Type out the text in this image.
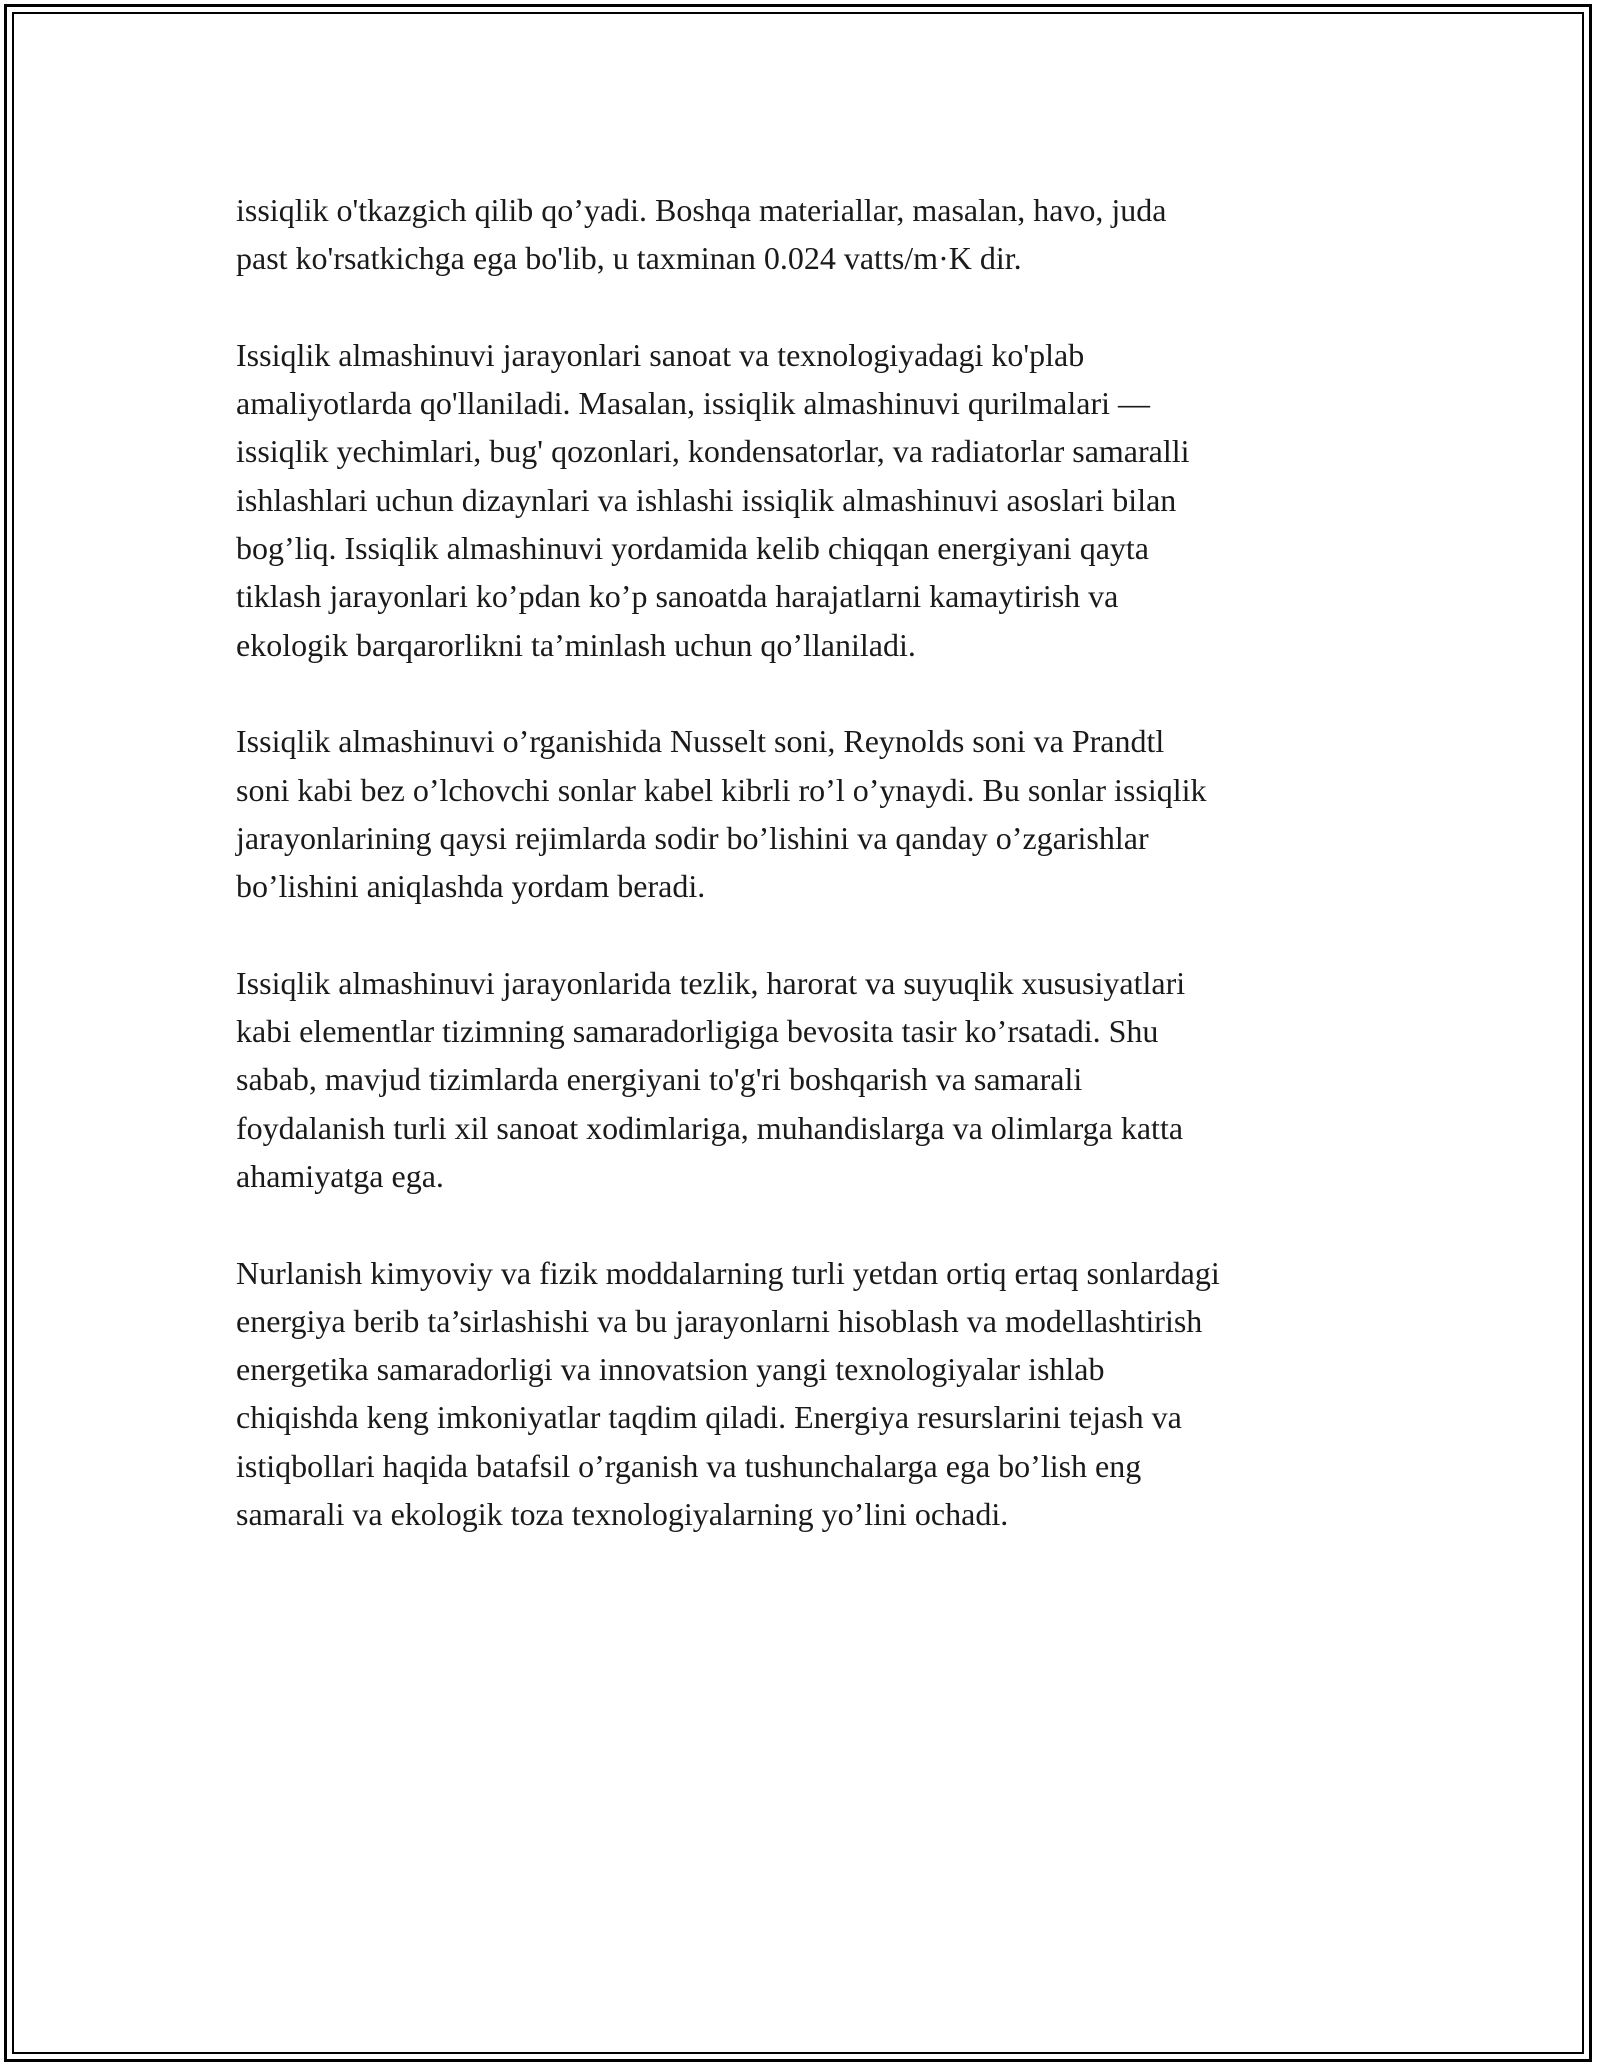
issiqlik o'tkazgich qilib qo’yadi. Boshqa materiallar, masalan, havo, juda
past ko'rsatkichga ega bo'lib, u taxminan 0.024 vatts/m·K dir.

Issiqlik almashinuvi jarayonlari sanoat va texnologiyadagi ko'plab
amaliyotlarda qo'llaniladi. Masalan, issiqlik almashinuvi qurilmalari —
issiqlik yechimlari, bug' qozonlari, kondensatorlar, va radiatorlar samaralli
ishlashlari uchun dizaynlari va ishlashi issiqlik almashinuvi asoslari bilan
bog’liq. Issiqlik almashinuvi yordamida kelib chiqqan energiyani qayta
tiklash jarayonlari ko’pdan ko’p sanoatda harajatlarni kamaytirish va
ekologik barqarorlikni ta’minlash uchun qo’llaniladi.

Issiqlik almashinuvi o’rganishida Nusselt soni, Reynolds soni va Prandtl
soni kabi bez o’lchovchi sonlar kabel kibrli ro’l o’ynaydi. Bu sonlar issiqlik
jarayonlarining qaysi rejimlarda sodir bo’lishini va qanday o’zgarishlar
bo’lishini aniqlashda yordam beradi.

Issiqlik almashinuvi jarayonlarida tezlik, harorat va suyuqlik xususiyatlari
kabi elementlar tizimning samaradorligiga bevosita tasir ko’rsatadi. Shu
sabab, mavjud tizimlarda energiyani to'g'ri boshqarish va samarali
foydalanish turli xil sanoat xodimlariga, muhandislarga va olimlarga katta
ahamiyatga ega.

Nurlanish kimyoviy va fizik moddalarning turli yetdan ortiq ertaq sonlardagi
energiya berib ta’sirlashishi va bu jarayonlarni hisoblash va modellashtirish
energetika samaradorligi va innovatsion yangi texnologiyalar ishlab
chiqishda keng imkoniyatlar taqdim qiladi. Energiya resurslarini tejash va
istiqbollari haqida batafsil o’rganish va tushunchalarga ega bo’lish eng
samarali va ekologik toza texnologiyalarning yo’lini ochadi.
